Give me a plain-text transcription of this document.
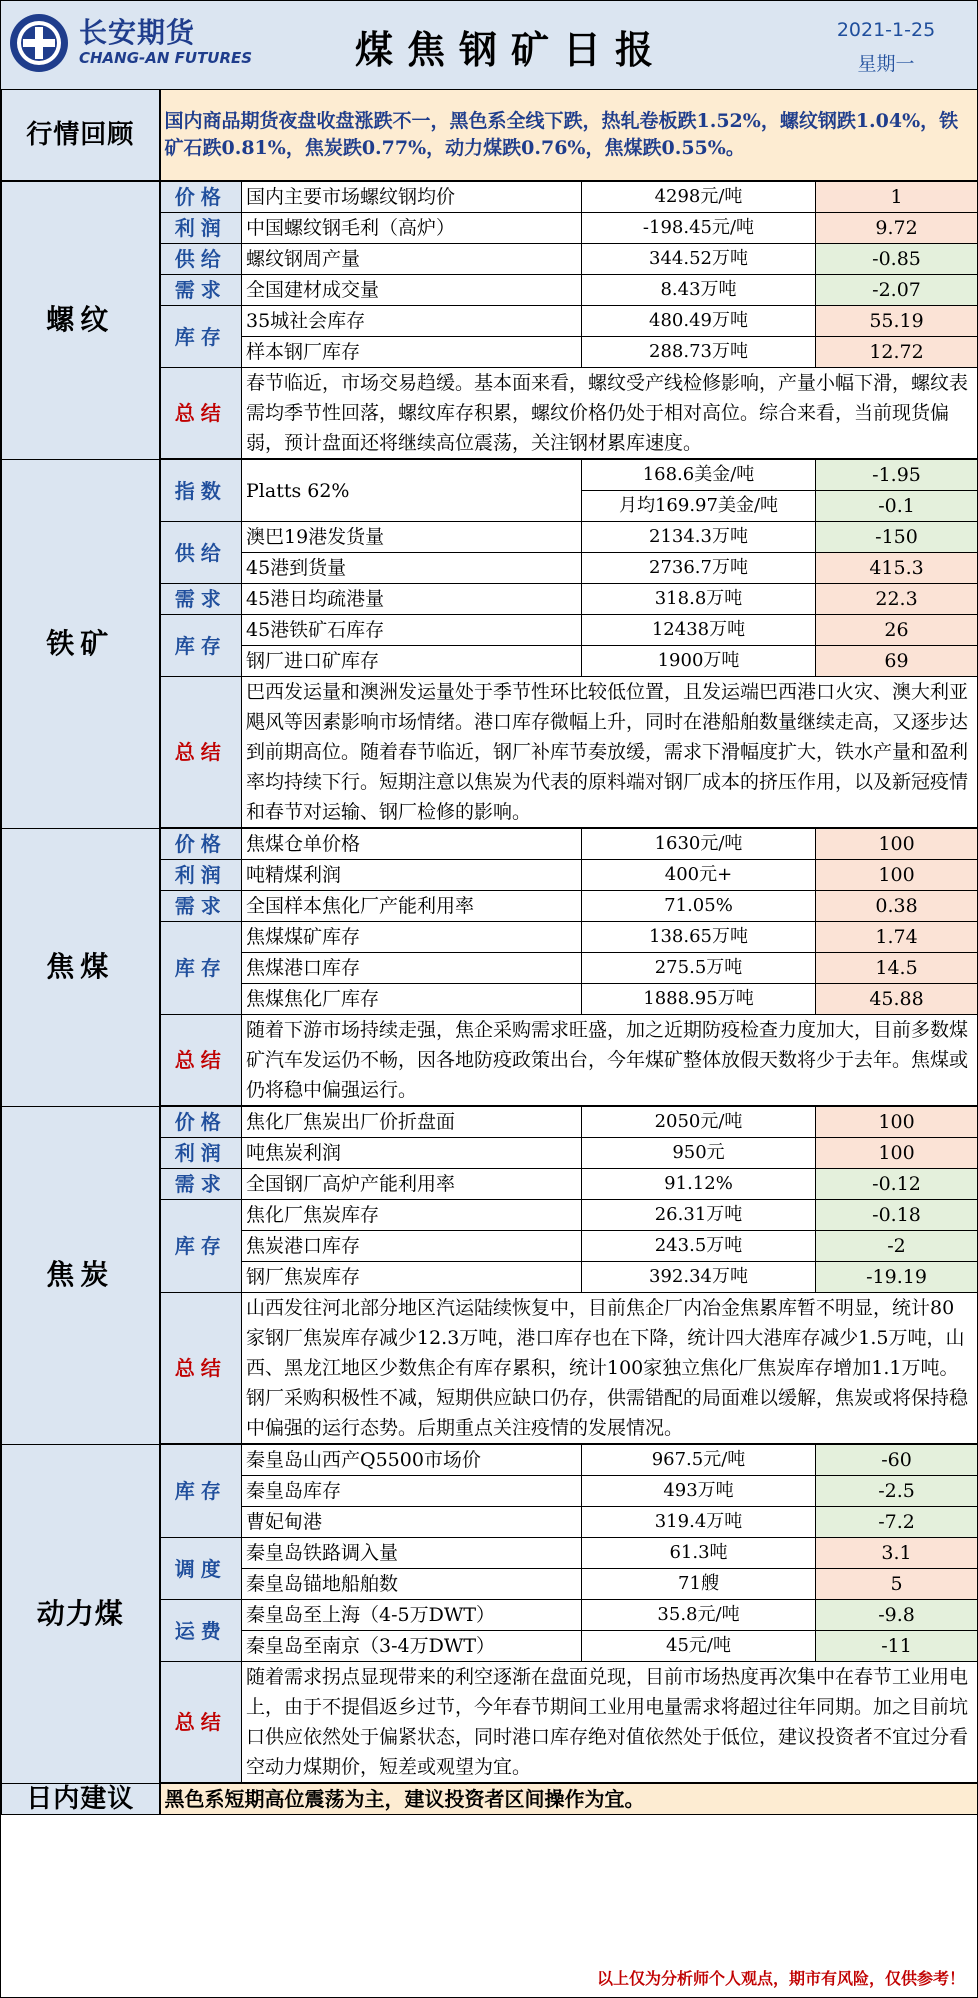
长安期货
CHANG-AN FUTURES	煤焦钢矿日报	2021-1-25
星期一
行情回顾	国内商品期货夜盘收盘涨跌不一，黑色系全线下跌，热轧卷板跌1.52%，螺纹钢跌1.04%，铁矿石跌0.81%，焦炭跌0.77%，动力煤跌0.76%，焦煤跌0.55%。			
螺纹	价格	国内主要市场螺纹钢均价	4298元/吨	1
	利润	中国螺纹钢毛利（高炉）	-198.45元/吨	9.72
	供给	螺纹钢周产量	344.52万吨	-0.85
	需求	全国建材成交量	8.43万吨	-2.07
	库存	35城社会库存	480.49万吨	55.19
		样本钢厂库存	288.73万吨	12.72
	总结	春节临近，市场交易趋缓。基本面来看，螺纹受产线检修影响，产量小幅下滑，螺纹表需均季节性回落，螺纹库存积累，螺纹价格仍处于相对高位。综合来看，当前现货偏弱，预计盘面还将继续高位震荡，关注钢材累库速度。		
铁矿	指数	Platts 62%	168.6美金/吨	-1.95
			月均169.97美金/吨	-0.1
	供给	澳巴19港发货量	2134.3万吨	-150
		45港到货量	2736.7万吨	415.3
	需求	45港日均疏港量	318.8万吨	22.3
	库存	45港铁矿石库存	12438万吨	26
		钢厂进口矿库存	1900万吨	69
	总结	巴西发运量和澳洲发运量处于季节性环比较低位置，且发运端巴西港口火灾、澳大利亚飓风等因素影响市场情绪。港口库存微幅上升，同时在港船舶数量继续走高，又逐步达到前期高位。随着春节临近，钢厂补库节奏放缓，需求下滑幅度扩大，铁水产量和盈利率均持续下行。短期注意以焦炭为代表的原料端对钢厂成本的挤压作用，以及新冠疫情和春节对运输、钢厂检修的影响。		
焦煤	价格	焦煤仓单价格	1630元/吨	100
	利润	吨精煤利润	400元+	100
	需求	全国样本焦化厂产能利用率	71.05%	0.38
	库存	焦煤煤矿库存	138.65万吨	1.74
		焦煤港口库存	275.5万吨	14.5
		焦煤焦化厂库存	1888.95万吨	45.88
	总结	随着下游市场持续走强，焦企采购需求旺盛，加之近期防疫检查力度加大，目前多数煤矿汽车发运仍不畅，因各地防疫政策出台，今年煤矿整体放假天数将少于去年。焦煤或仍将稳中偏强运行。		
焦炭	价格	焦化厂焦炭出厂价折盘面	2050元/吨	100
	利润	吨焦炭利润	950元	100
	需求	全国钢厂高炉产能利用率	91.12%	-0.12
	库存	焦化厂焦炭库存	26.31万吨	-0.18
		焦炭港口库存	243.5万吨	-2
		钢厂焦炭库存	392.34万吨	-19.19
	总结	山西发往河北部分地区汽运陆续恢复中，目前焦企厂内冶金焦累库暂不明显，统计80家钢厂焦炭库存减少12.3万吨，港口库存也在下降，统计四大港库存减少1.5万吨，山西、黑龙江地区少数焦企有库存累积，统计100家独立焦化厂焦炭库存增加1.1万吨。钢厂采购积极性不减，短期供应缺口仍存，供需错配的局面难以缓解，焦炭或将保持稳中偏强的运行态势。后期重点关注疫情的发展情况。		
动力煤	库存	秦皇岛山西产Q5500市场价	967.5元/吨	-60
		秦皇岛库存	493万吨	-2.5
		曹妃甸港	319.4万吨	-7.2
	调度	秦皇岛铁路调入量	61.3吨	3.1
		秦皇岛锚地船舶数	71艘	5
	运费	秦皇岛至上海（4-5万DWT）	35.8元/吨	-9.8
		秦皇岛至南京（3-4万DWT）	45元/吨	-11
	总结	随着需求拐点显现带来的利空逐渐在盘面兑现，目前市场热度再次集中在春节工业用电上，由于不提倡返乡过节，今年春节期间工业用电量需求将超过往年同期。加之目前坑口供应依然处于偏紧状态，同时港口库存绝对值依然处于低位，建议投资者不宜过分看空动力煤期价，短差或观望为宜。		
日内建议	黑色系短期高位震荡为主，建议投资者区间操作为宜。			
以上仅为分析师个人观点，期市有风险，仅供参考！
